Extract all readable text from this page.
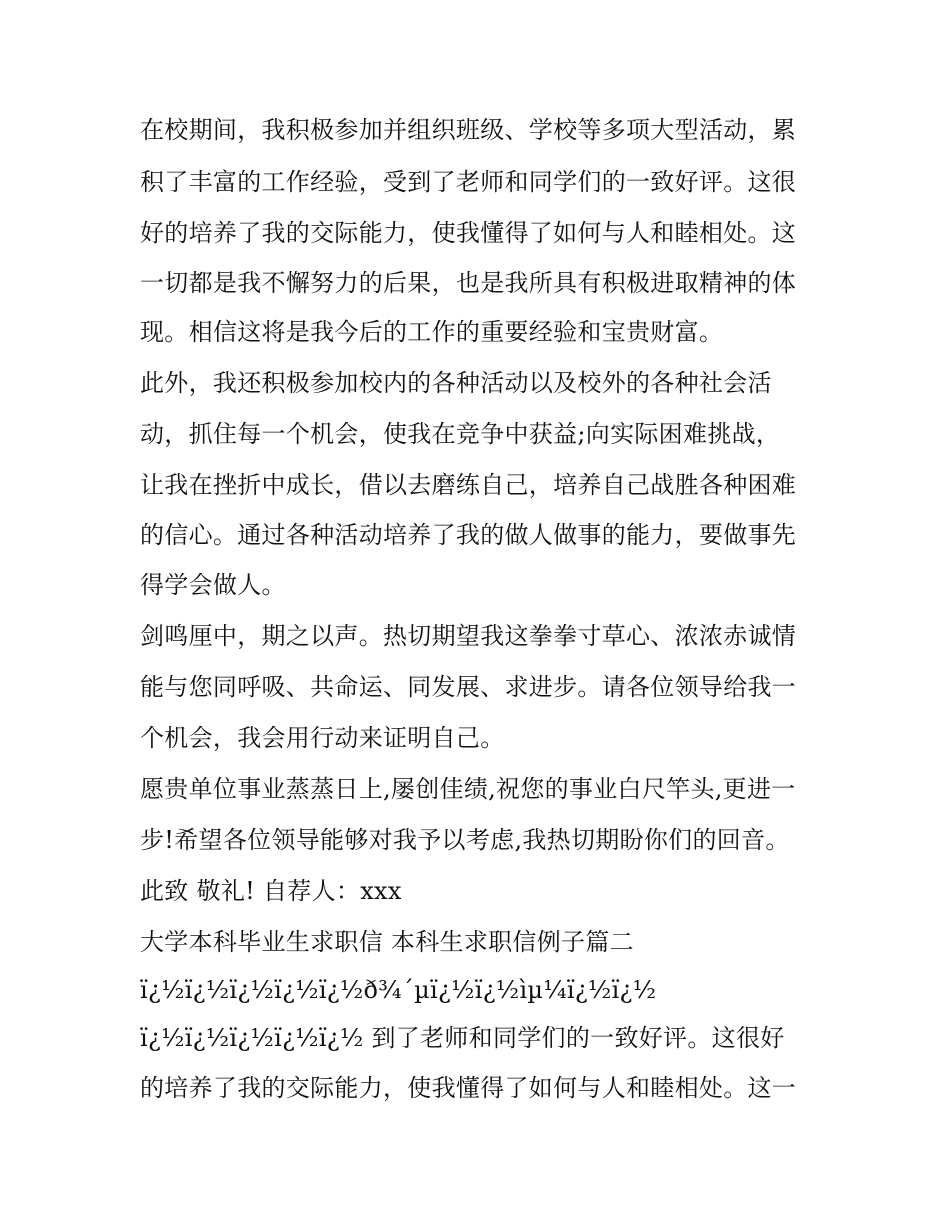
在校期间，我积极参加并组织班级、学校等多项大型活动，累
积了丰富的工作经验，受到了老师和同学们的一致好评。这很
好的培养了我的交际能力，使我懂得了如何与人和睦相处。这
一切都是我不懈努力的后果，也是我所具有积极进取精神的体
现。相信这将是我今后的工作的重要经验和宝贵财富。
此外，我还积极参加校内的各种活动以及校外的各种社会活
动，抓住每一个机会，使我在竞争中获益;向实际困难挑战，
让我在挫折中成长，借以去磨练自己，培养自己战胜各种困难
的信心。通过各种活动培养了我的做人做事的能力，要做事先
得学会做人。
剑鸣厘中，期之以声。热切期望我这拳拳寸草心、浓浓赤诚情
能与您同呼吸、共命运、同发展、求进步。请各位领导给我一
个机会，我会用行动来证明自己。
愿贵单位事业蒸蒸日上,屡创佳绩,祝您的事业白尺竿头,更进一
步!希望各位领导能够对我予以考虑,我热切期盼你们的回音。
此致 敬礼! 自荐人：xxx
大学本科毕业生求职信 本科生求职信例子篇二
ï¿½ï¿½ï¿½ï¿½ï¿½ð¾´µï¿½ï¿½ìµ¼ï¿½ï¿½
ï¿½ï¿½ï¿½ï¿½ï¿½ 到了老师和同学们的一致好评。这很好
的培养了我的交际能力，使我懂得了如何与人和睦相处。这一
